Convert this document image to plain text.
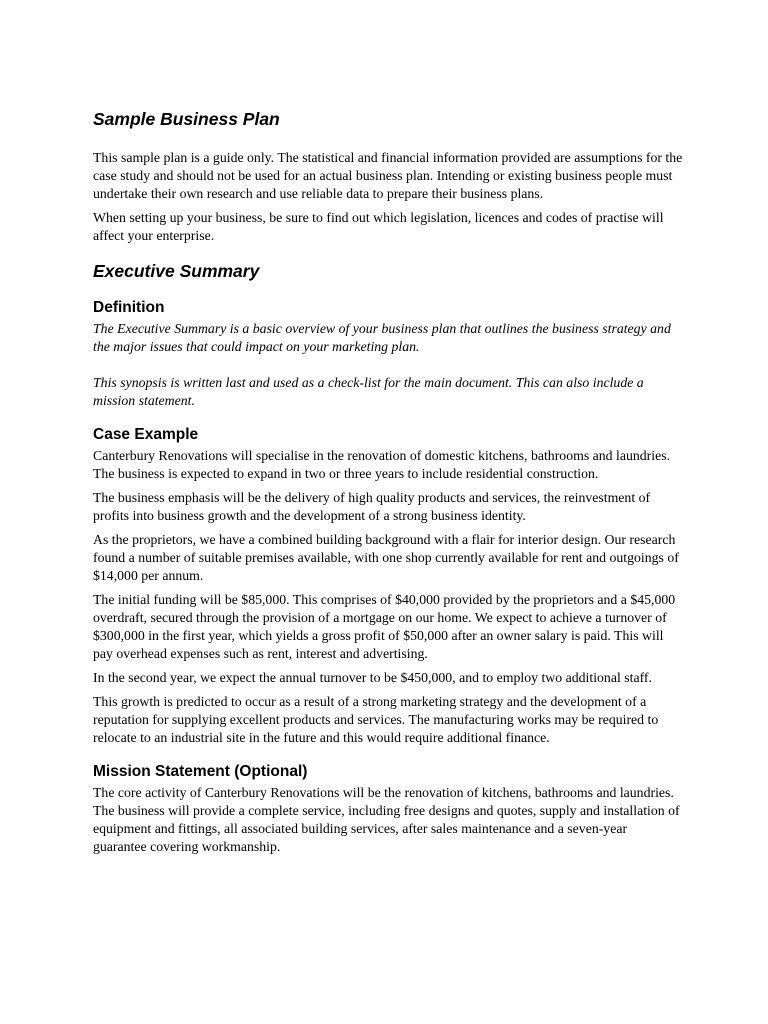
Sample Business Plan

This sample plan is a guide only. The statistical and financial information provided are assumptions for the case study and should not be used for an actual business plan. Intending or existing business people must undertake their own research and use reliable data to prepare their business plans.

When setting up your business, be sure to find out which legislation, licences and codes of practise will affect your enterprise.

Executive Summary
Definition

The Executive Summary is a basic overview of your business plan that outlines the business strategy and the major issues that could impact on your marketing plan.

This synopsis is written last and used as a check-list for the main document. This can also include a mission statement.

Case Example

Canterbury Renovations will specialise in the renovation of domestic kitchens, bathrooms and laundries. The business is expected to expand in two or three years to include residential construction.

The business emphasis will be the delivery of high quality products and services, the reinvestment of profits into business growth and the development of a strong business identity.

As the proprietors, we have a combined building background with a flair for interior design. Our research found a number of suitable premises available, with one shop currently available for rent and outgoings of $14,000 per annum.

The initial funding will be $85,000. This comprises of $40,000 provided by the proprietors and a $45,000 overdraft, secured through the provision of a mortgage on our home. We expect to achieve a turnover of $300,000 in the first year, which yields a gross profit of $50,000 after an owner salary is paid. This will pay overhead expenses such as rent, interest and advertising.

In the second year, we expect the annual turnover to be $450,000, and to employ two additional staff.

This growth is predicted to occur as a result of a strong marketing strategy and the development of a reputation for supplying excellent products and services. The manufacturing works may be required to relocate to an industrial site in the future and this would require additional finance.

Mission Statement (Optional)

The core activity of Canterbury Renovations will be the renovation of kitchens, bathrooms and laundries. The business will provide a complete service, including free designs and quotes, supply and installation of equipment and fittings, all associated building services, after sales maintenance and a seven-year guarantee covering workmanship.
